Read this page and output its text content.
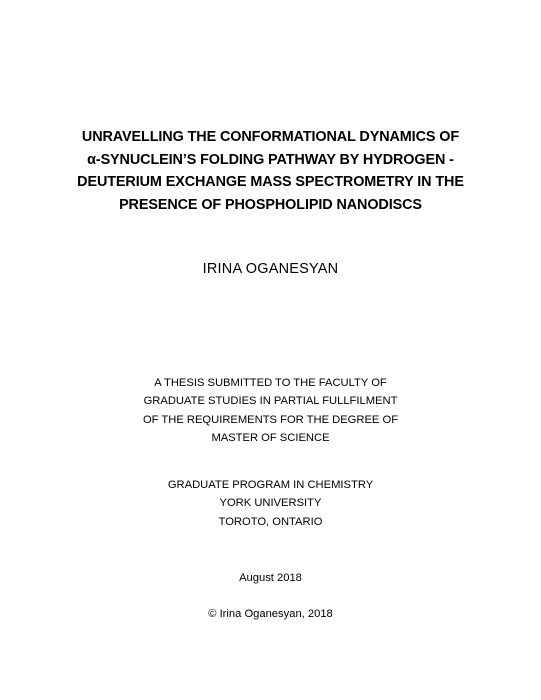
UNRAVELLING THE CONFORMATIONAL DYNAMICS OF
α-SYNUCLEIN’S FOLDING PATHWAY BY HYDROGEN -
DEUTERIUM EXCHANGE MASS SPECTROMETRY IN THE
PRESENCE OF PHOSPHOLIPID NANODISCS
IRINA OGANESYAN
A THESIS SUBMITTED TO THE FACULTY OF
GRADUATE STUDIES IN PARTIAL FULLFILMENT
OF THE REQUIREMENTS FOR THE DEGREE OF
MASTER OF SCIENCE
GRADUATE PROGRAM IN CHEMISTRY
YORK UNIVERSITY
TOROTO, ONTARIO
August 2018
© Irina Oganesyan, 2018
